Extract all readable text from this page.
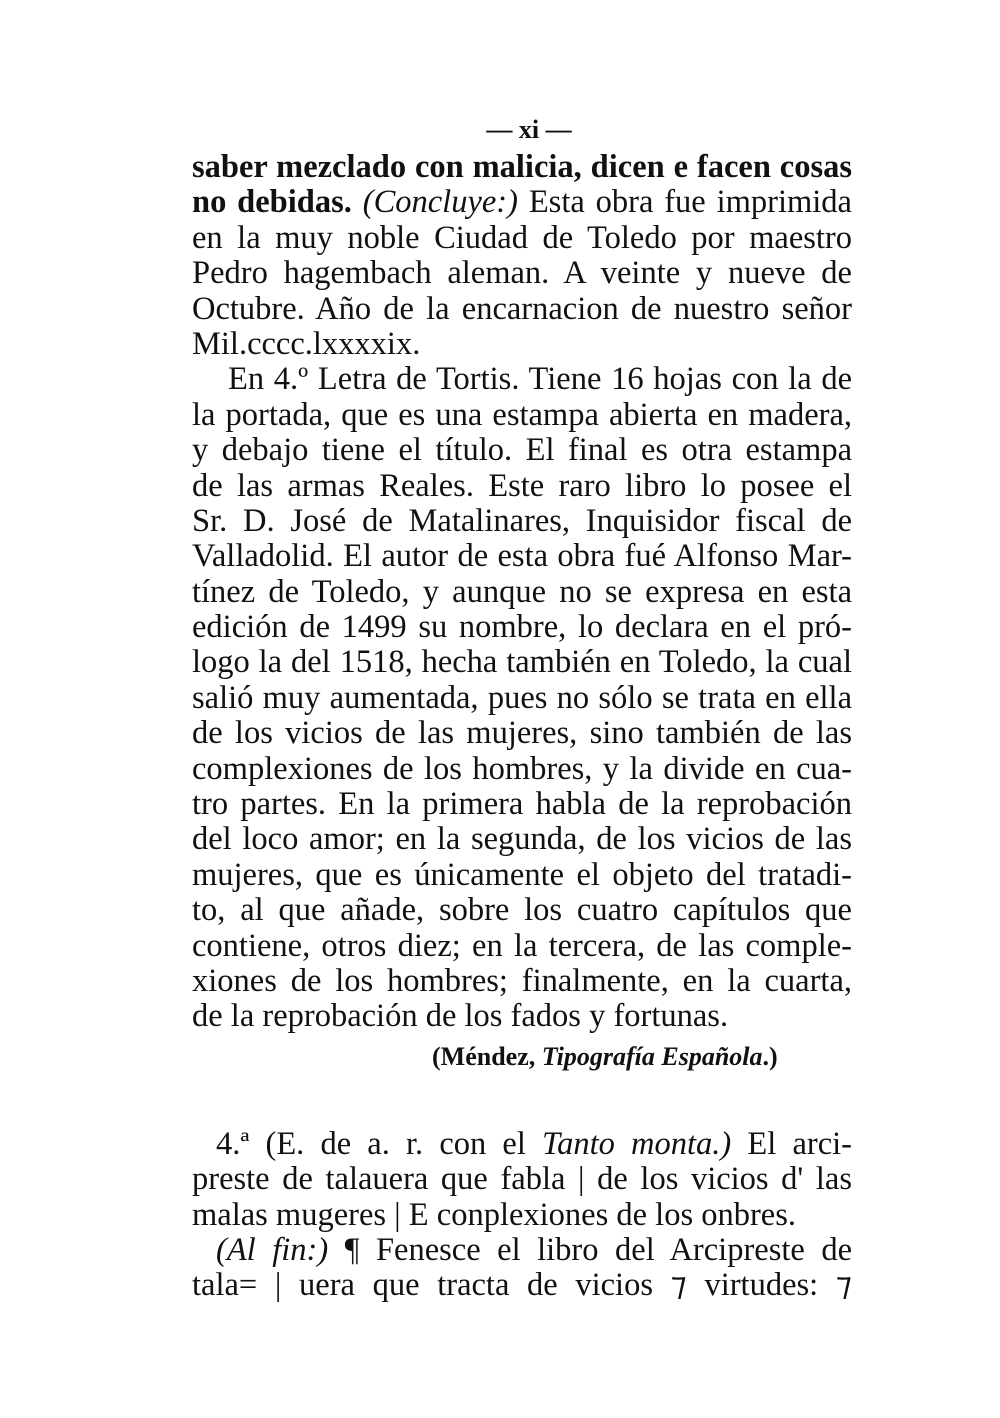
— xi —
saber mezclado con malicia, dicen e facen cosas
no debidas. (Concluye:) Esta obra fue imprimida
en la muy noble Ciudad de Toledo por maestro
Pedro hagembach aleman. A veinte y nueve de
Octubre. Año de la encarnacion de nuestro señor
Mil.cccc.lxxxxix.
En 4.º Letra de Tortis. Tiene 16 hojas con la de
la portada, que es una estampa abierta en madera,
y debajo tiene el título. El final es otra estampa
de las armas Reales. Este raro libro lo posee el
Sr. D. José de Matalinares, Inquisidor fiscal de
Valladolid. El autor de esta obra fué Alfonso Mar-
tínez de Toledo, y aunque no se expresa en esta
edición de 1499 su nombre, lo declara en el pró-
logo la del 1518, hecha también en Toledo, la cual
salió muy aumentada, pues no sólo se trata en ella
de los vicios de las mujeres, sino también de las
complexiones de los hombres, y la divide en cua-
tro partes. En la primera habla de la reprobación
del loco amor; en la segunda, de los vicios de las
mujeres, que es únicamente el objeto del tratadi-
to, al que añade, sobre los cuatro capítulos que
contiene, otros diez; en la tercera, de las comple-
xiones de los hombres; finalmente, en la cuarta,
de la reprobación de los fados y fortunas.
(Méndez, Tipografía Española.)
4.ª (E. de a. r. con el Tanto monta.) El arci-
preste de talauera que fabla | de los vicios d' las
malas mugeres | E conplexiones de los onbres.
(Al fin:) ¶ Fenesce el libro del Arcipreste de
tala= | uera que tracta de vicios ⁊ virtudes: ⁊
